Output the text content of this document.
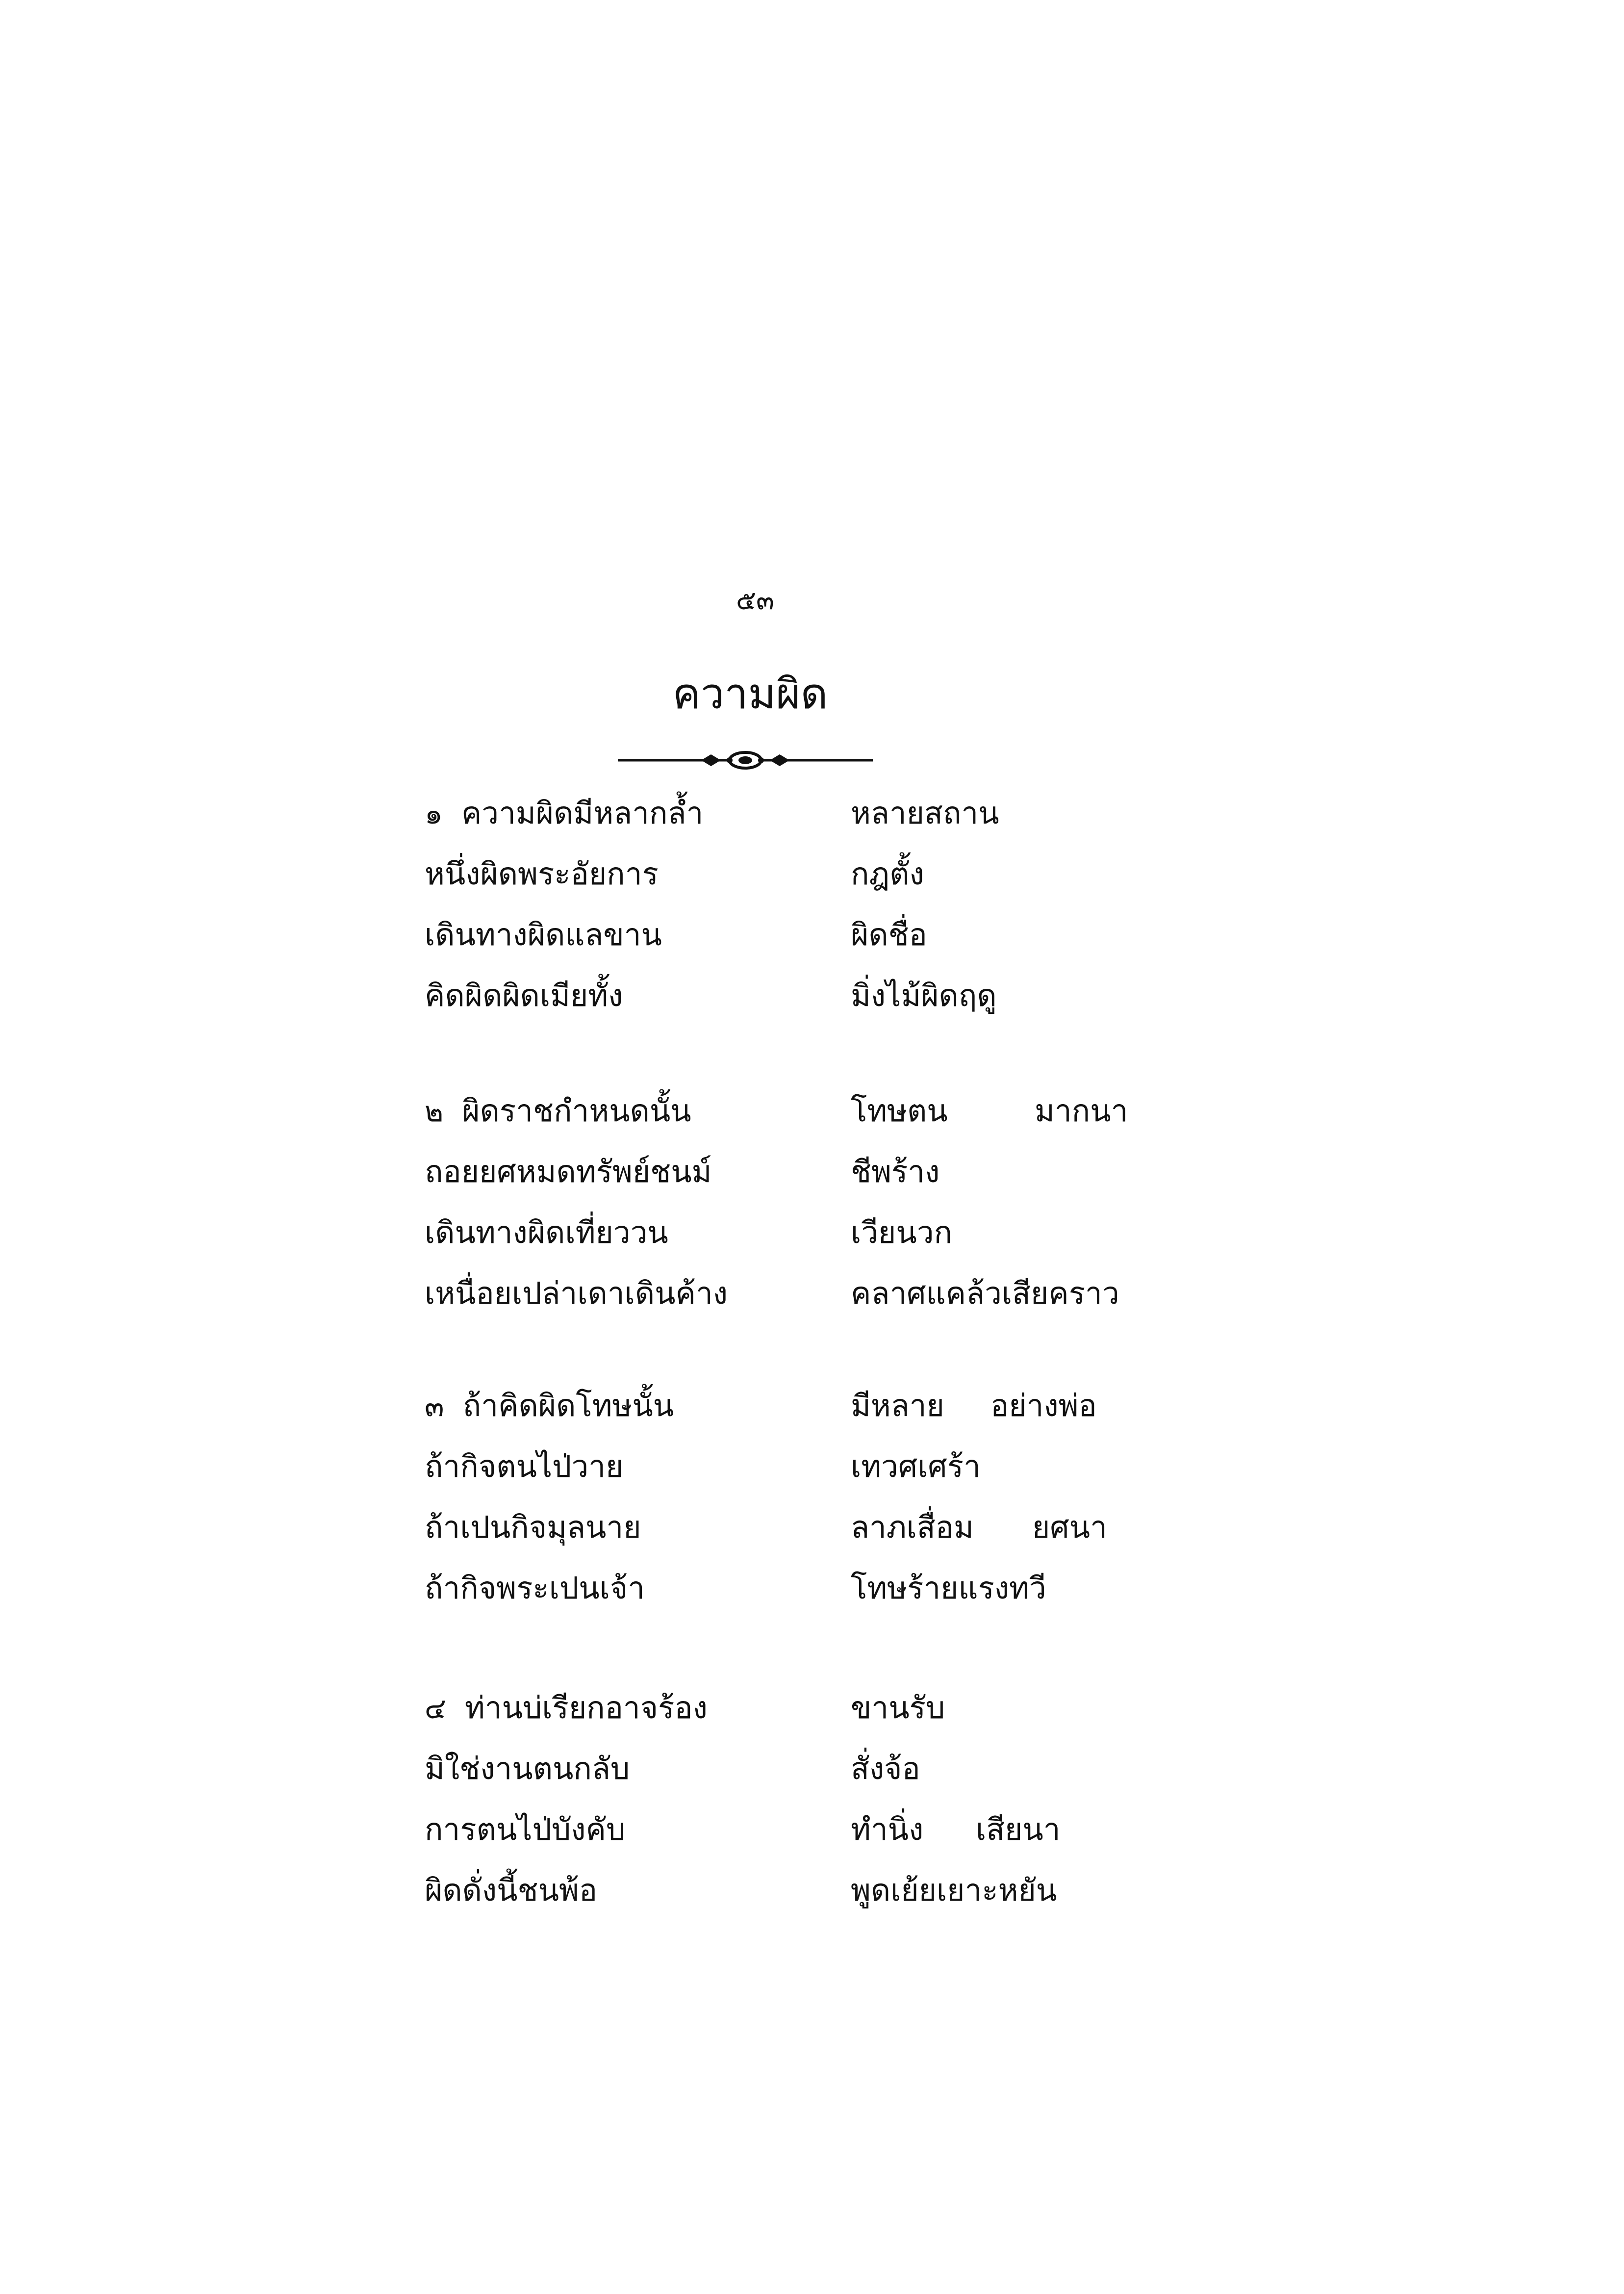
๕๓
ความผิด
๑ ความผิดมีหลากล้ำ	หลายสถาน
หนึ่งผิดพระอัยการ	กฎตั้ง
เดินทางผิดแลขาน	ผิดชื่อ
คิดผิดผิดเมียทั้ง	มิ่งไม้ผิดฤดู
๒ ผิดราชกำหนดนั้น	โทษตน	มากนา
ถอยยศหมดทรัพย์ชนม์	ชีพร้าง
เดินทางผิดเที่ยววน	เวียนวก
เหนื่อยเปล่าเดาเดินค้าง	คลาศแคล้วเสียคราว
๓ ถ้าคิดผิดโทษนั้น	มีหลาย อย่างพ่อ
ถ้ากิจตนไป่วาย	เทวศเศร้า
ถ้าเปนกิจมุลนาย	ลาภเสื่อม ยศนา
ถ้ากิจพระเปนเจ้า	โทษร้ายแรงทวี
๔ ท่านบ่เรียกอาจร้อง	ขานรับ
มิใช่งานตนกลับ	สั่งจ้อ
การตนไป่บังคับ	ทำนิ่ง เสียนา
ผิดดั่งนี้ชนพ้อ	พูดเย้ยเยาะหยัน
